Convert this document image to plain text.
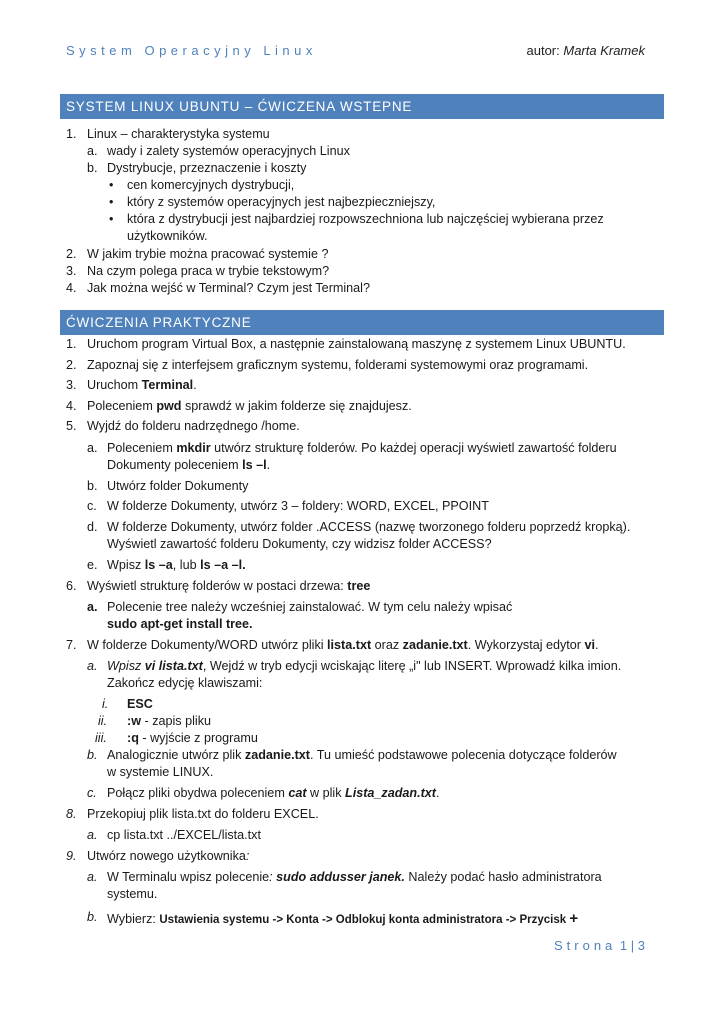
System Operacyjny Linux	autor: Marta Kramek
SYSTEM LINUX UBUNTU – ĆWICZENA WSTEPNE
1. Linux – charakterystyka systemu
a. wady i zalety systemów operacyjnych Linux
b. Dystrybucje, przeznaczenie i koszty
• cen komercyjnych dystrybucji,
• który z systemów operacyjnych jest najbezpieczniejszy,
• która z dystrybucji jest najbardziej rozpowszechniona lub najczęściej wybierana przez
użytkowników.
2. W jakim trybie można pracować systemie ?
3. Na czym polega praca w trybie tekstowym?
4. Jak można wejść w Terminal? Czym jest Terminal?
ĆWICZENIA PRAKTYCZNE
1. Uruchom program Virtual Box, a następnie zainstalowaną maszynę z systemem Linux UBUNTU.
2. Zapoznaj się z interfejsem graficznym systemu, folderami systemowymi oraz programami.
3. Uruchom Terminal.
4. Poleceniem pwd sprawdź w jakim folderze się znajdujesz.
5. Wyjdź do folderu nadrzędnego /home.
a. Poleceniem mkdir utwórz strukturę folderów. Po każdej operacji wyświetl zawartość folderu
Dokumenty poleceniem ls –l.
b. Utwórz folder Dokumenty
c. W folderze Dokumenty, utwórz 3 – foldery: WORD, EXCEL, PPOINT
d. W folderze Dokumenty, utwórz folder .ACCESS (nazwę tworzonego folderu poprzedź kropką).
Wyświetl zawartość folderu Dokumenty, czy widzisz folder ACCESS?
e. Wpisz ls –a, lub ls –a –l.
6. Wyświetl strukturę folderów w postaci drzewa: tree
a. Polecenie tree należy wcześniej zainstalować. W tym celu należy wpisać
sudo apt-get install tree.
7. W folderze Dokumenty/WORD utwórz pliki lista.txt oraz zadanie.txt. Wykorzystaj edytor vi.
a. Wpisz vi lista.txt, Wejdź w tryb edycji wciskając literę „i" lub INSERT. Wprowadź kilka imion.
Zakończ edycję klawiszami:
i. ESC
ii. :w - zapis pliku
iii. :q - wyjście z programu
b. Analogicznie utwórz plik zadanie.txt. Tu umieść podstawowe polecenia dotyczące folderów
w systemie LINUX.
c. Połącz pliki obydwa poleceniem cat w plik Lista_zadan.txt.
8. Przekopiuj plik lista.txt do folderu EXCEL.
a. cp lista.txt ../EXCEL/lista.txt
9. Utwórz nowego użytkownika:
a. W Terminalu wpisz polecenie: sudo addusser janek. Należy podać hasło administratora
systemu.
b. Wybierz: Ustawienia systemu -> Konta -> Odblokuj konta administratora -> Przycisk +
Strona 1 | 3
